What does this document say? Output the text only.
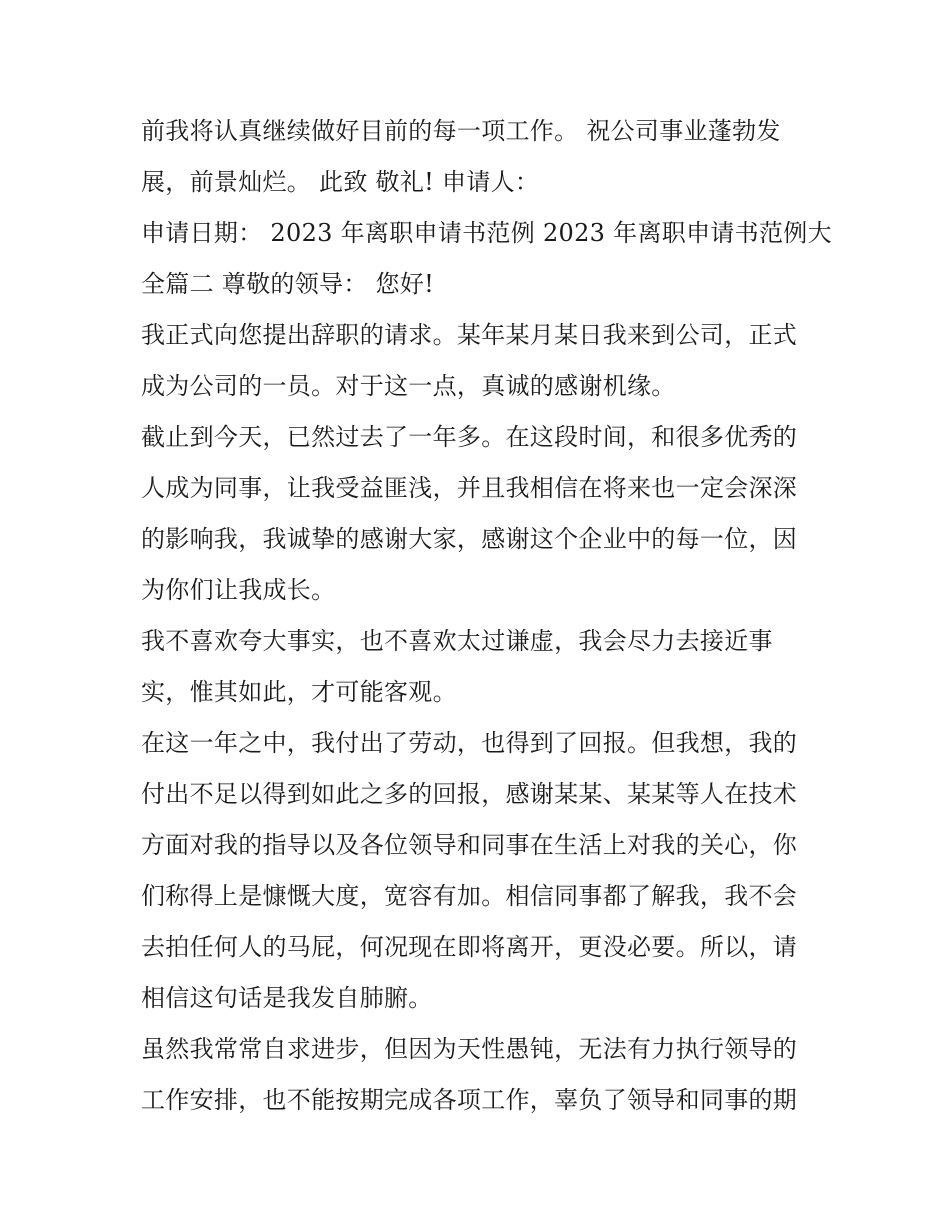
前我将认真继续做好目前的每一项工作。 祝公司事业蓬勃发
展，前景灿烂。 此致 敬礼! 申请人：
申请日期： 2023 年离职申请书范例 2023 年离职申请书范例大
全篇二 尊敬的领导： 您好!
我正式向您提出辞职的请求。某年某月某日我来到公司，正式
成为公司的一员。对于这一点，真诚的感谢机缘。
截止到今天，已然过去了一年多。在这段时间，和很多优秀的
人成为同事，让我受益匪浅，并且我相信在将来也一定会深深
的影响我，我诚挚的感谢大家，感谢这个企业中的每一位，因
为你们让我成长。
我不喜欢夸大事实，也不喜欢太过谦虚，我会尽力去接近事
实，惟其如此，才可能客观。
在这一年之中，我付出了劳动，也得到了回报。但我想，我的
付出不足以得到如此之多的回报，感谢某某、某某等人在技术
方面对我的指导以及各位领导和同事在生活上对我的关心，你
们称得上是慷慨大度，宽容有加。相信同事都了解我，我不会
去拍任何人的马屁，何况现在即将离开，更没必要。所以，请
相信这句话是我发自肺腑。
虽然我常常自求进步，但因为天性愚钝，无法有力执行领导的
工作安排，也不能按期完成各项工作，辜负了领导和同事的期
